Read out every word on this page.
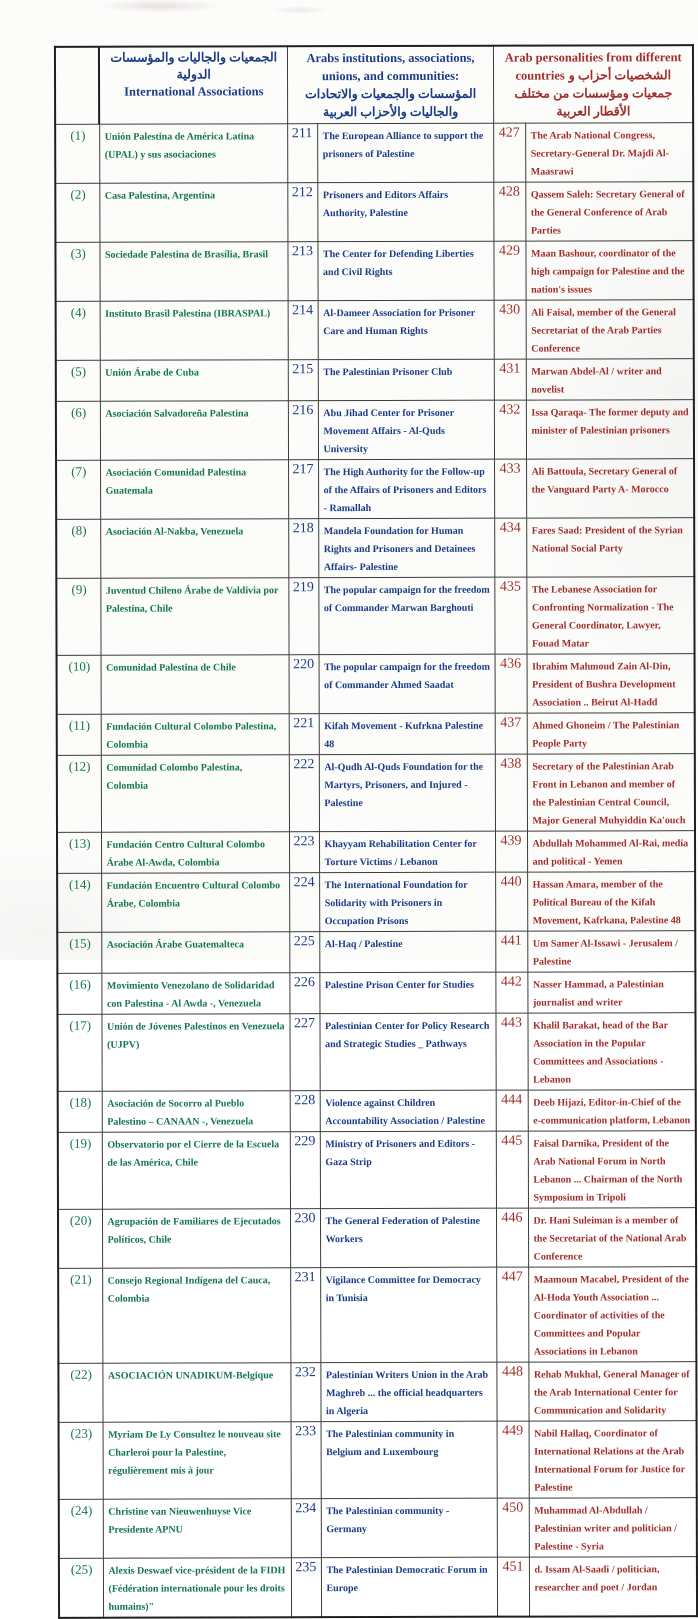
	الجمعيات والجاليات والمؤسسات الدولية
International Associations	Arabs institutions, associations, unions, and communities: المؤسسات والجمعيات والاتحادات والجاليات والأحزاب العربية		Arab personalities from different countries الشخصيات أحزاب و جمعيات ومؤسسات من مختلف الأقطار العربية	

(1)	Unión Palestina de América Latina (UPAL) y sus asociaciones	211	The European Alliance to support the prisoners of Palestine	427	The Arab National Congress, Secretary-General Dr. Majdi Al-Maasrawi

(2)	Casa Palestina, Argentina	212	Prisoners and Editors Affairs Authority, Palestine	428	Qassem Saleh: Secretary General of the General Conference of Arab Parties

(3)	Sociedade Palestina de Brasília, Brasil	213	The Center for Defending Liberties and Civil Rights	429	Maan Bashour, coordinator of the high campaign for Palestine and the nation's issues

(4)	Instituto Brasil Palestina (IBRASPAL)	214	Al-Dameer Association for Prisoner Care and Human Rights	430	Ali Faisal, member of the General Secretariat of the Arab Parties Conference

(5)	Unión Árabe de Cuba	215	The Palestinian Prisoner Club	431	Marwan Abdel-Al / writer and novelist

(6)	Asociación Salvadoreña Palestina	216	Abu Jihad Center for Prisoner Movement Affairs - Al-Quds University	432	Issa Qaraqa- The former deputy and minister of Palestinian prisoners

(7)	Asociación Comunidad Palestina Guatemala	217	The High Authority for the Follow-up of the Affairs of Prisoners and Editors - Ramallah	433	Ali Battoula, Secretary General of the Vanguard Party A- Morocco

(8)	Asociación Al-Nakba, Venezuela	218	Mandela Foundation for Human Rights and Prisoners and Detainees Affairs- Palestine	434	Fares Saad: President of the Syrian National Social Party

(9)	Juventud Chileno Árabe de Valdivia por Palestina, Chile	219	The popular campaign for the freedom of Commander Marwan Barghouti	435	The Lebanese Association for Confronting Normalization - The General Coordinator, Lawyer, Fouad Matar

(10)	Comunidad Palestina de Chile	220	The popular campaign for the freedom of Commander Ahmed Saadat	436	Ibrahim Mahmoud Zain Al-Din, President of Bushra Development Association .. Beirut Al-Hadd

(11)	Fundación Cultural Colombo Palestina, Colombia	221	Kifah Movement - Kufrkna Palestine 48	437	Ahmed Ghoneim / The Palestinian People Party

(12)	Comunidad Colombo Palestina, Colombia	222	Al-Qudh Al-Quds Foundation for the Martyrs, Prisoners, and Injured - Palestine	438	Secretary of the Palestinian Arab Front in Lebanon and member of the Palestinian Central Council, Major General Muhyiddin Ka'ouch

(13)	Fundación Centro Cultural Colombo Árabe Al-Awda, Colombia	223	Khayyam Rehabilitation Center for Torture Victims / Lebanon	439	Abdullah Mohammed Al-Rai, media and political - Yemen

(14)	Fundación Encuentro Cultural Colombo Árabe, Colombia	224	The International Foundation for Solidarity with Prisoners in Occupation Prisons	440	Hassan Amara, member of the Political Bureau of the Kifah Movement, Kafrkana, Palestine 48

(15)	Asociación Árabe Guatemalteca	225	Al-Haq / Palestine	441	Um Samer Al-Issawi - Jerusalem / Palestine

(16)	Movimiento Venezolano de Solidaridad con Palestina - Al Awda -, Venezuela	226	Palestine Prison Center for Studies	442	Nasser Hammad, a Palestinian journalist and writer

(17)	Unión de Jóvenes Palestinos en Venezuela (UJPV)	227	Palestinian Center for Policy Research and Strategic Studies _ Pathways	443	Khalil Barakat, head of the Bar Association in the Popular Committees and Associations - Lebanon

(18)	Asociación de Socorro al Pueblo Palestino – CANAAN -, Venezuela	228	Violence against Children Accountability Association / Palestine	444	Deeb Hijazi, Editor-in-Chief of the e-communication platform, Lebanon

(19)	Observatorio por el Cierre de la Escuela de las América, Chile	229	Ministry of Prisoners and Editors - Gaza Strip	445	Faisal Darnika, President of the Arab National Forum in North Lebanon ... Chairman of the North Symposium in Tripoli

(20)	Agrupación de Familiares de Ejecutados Políticos, Chile	230	The General Federation of Palestine Workers	446	Dr. Hani Suleiman is a member of the Secretariat of the National Arab Conference

(21)	Consejo Regional Indígena del Cauca, Colombia	231	Vigilance Committee for Democracy in Tunisia	447	Maamoun Macabel, President of the Al-Hoda Youth Association ... Coordinator of activities of the Committees and Popular Associations in Lebanon

(22)	ASOCIACIÓN UNADIKUM-Belgique	232	Palestinian Writers Union in the Arab Maghreb ... the official headquarters in Algeria	448	Rehab Mukhal, General Manager of the Arab International Center for Communication and Solidarity

(23)	Myriam De Ly Consultez le nouveau site Charleroi pour la Palestine, régulièrement mis à jour	233	The Palestinian community in Belgium and Luxembourg	449	Nabil Hallaq, Coordinator of International Relations at the Arab International Forum for Justice for Palestine

(24)	Christine van Nieuwenhuyse Vice Presidente APNU	234	The Palestinian community - Germany	450	Muhammad Al-Abdullah / Palestinian writer and politician / Palestine - Syria

(25)	Alexis Deswaef vice-président de la FIDH (Fédération internationale pour les droits humains)"	235	The Palestinian Democratic Forum in Europe	451	d. Issam Al-Saadi / politician, researcher and poet / Jordan
